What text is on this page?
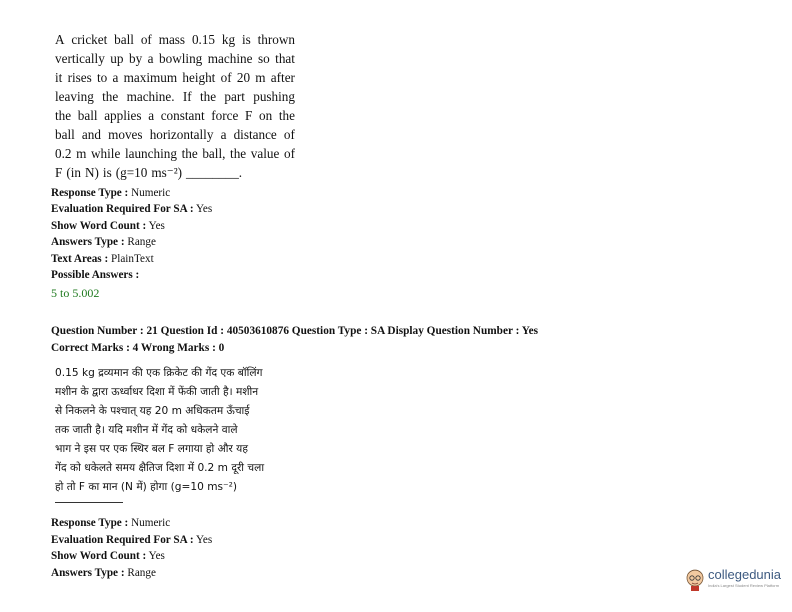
A cricket ball of mass 0.15 kg is thrown
vertically up by a bowling machine so that
it rises to a maximum height of 20 m after
leaving the machine. If the part pushing
the ball applies a constant force F on the
ball and moves horizontally a distance of
0.2 m while launching the ball, the value of
F (in N) is (g=10 ms⁻²) ________.
Response Type : Numeric
Evaluation Required For SA : Yes
Show Word Count : Yes
Answers Type : Range
Text Areas : PlainText
Possible Answers :
5 to 5.002
Question Number : 21 Question Id : 40503610876 Question Type : SA Display Question Number : Yes
Correct Marks : 4 Wrong Marks : 0
0.15 kg द्रव्यमान की एक क्रिकेट की गेंद एक बॉलिंग
मशीन के द्वारा ऊर्ध्वाधर दिशा में फेंकी जाती है। मशीन
से निकलने के पश्चात् यह 20 m अधिकतम ऊँचाई
तक जाती है। यदि मशीन में गेंद को धकेलने वाले
भाग ने इस पर एक स्थिर बल F लगाया हो और यह
गेंद को धकेलते समय क्षैतिज दिशा में 0.2 m दूरी चला
हो तो F का मान (N में) होगा (g=10 ms⁻²)
Response Type : Numeric
Evaluation Required For SA : Yes
Show Word Count : Yes
Answers Type : Range	collegedunia
India's Largest Student Review Platform
